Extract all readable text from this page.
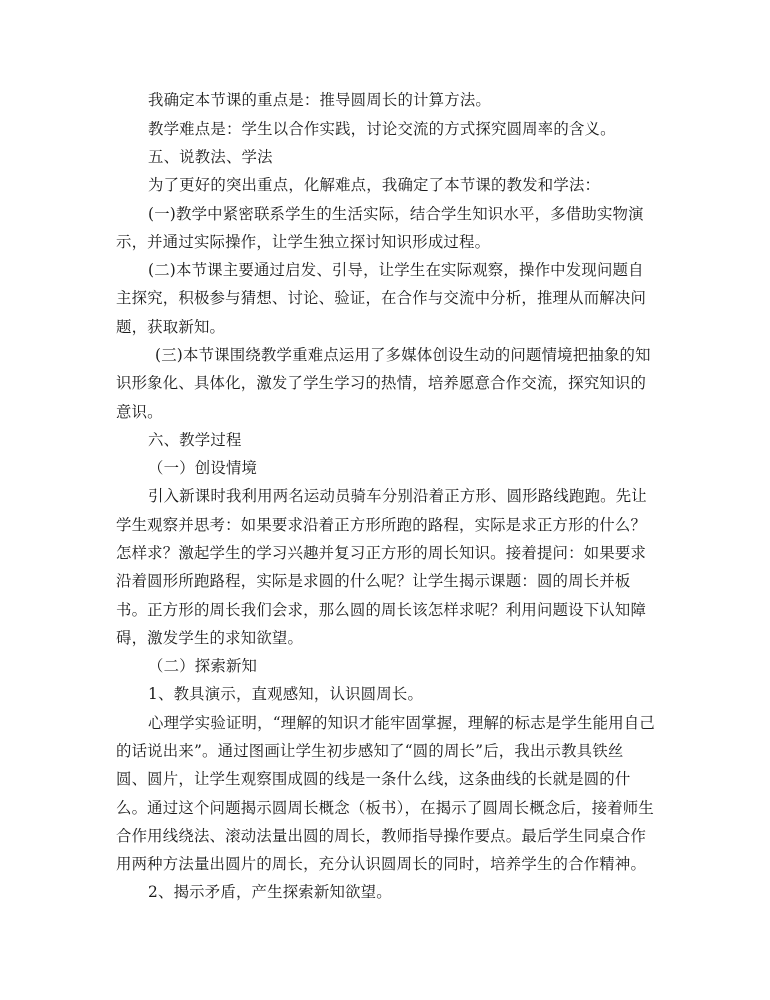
我确定本节课的重点是：推导圆周长的计算方法。
教学难点是：学生以合作实践，讨论交流的方式探究圆周率的含义。
五、说教法、学法
为了更好的突出重点，化解难点，我确定了本节课的教发和学法：
(一)教学中紧密联系学生的生活实际，结合学生知识水平，多借助实物演
示，并通过实际操作，让学生独立探讨知识形成过程。
(二)本节课主要通过启发、引导，让学生在实际观察，操作中发现问题自
主探究，积极参与猜想、讨论、验证，在合作与交流中分析，推理从而解决问
题，获取新知。
(三)本节课围绕教学重难点运用了多媒体创设生动的问题情境把抽象的知
识形象化、具体化，激发了学生学习的热情，培养愿意合作交流，探究知识的
意识。
六、教学过程
（一）创设情境
引入新课时我利用两名运动员骑车分别沿着正方形、圆形路线跑跑。先让
学生观察并思考：如果要求沿着正方形所跑的路程，实际是求正方形的什么？
怎样求？激起学生的学习兴趣并复习正方形的周长知识。接着提问：如果要求
沿着圆形所跑路程，实际是求圆的什么呢？让学生揭示课题：圆的周长并板
书。正方形的周长我们会求，那么圆的周长该怎样求呢？利用问题设下认知障
碍，激发学生的求知欲望。
（二）探索新知
1、教具演示，直观感知，认识圆周长。
心理学实验证明，“理解的知识才能牢固掌握，理解的标志是学生能用自己
的话说出来”。通过图画让学生初步感知了“圆的周长”后，我出示教具铁丝
圆、圆片，让学生观察围成圆的线是一条什么线，这条曲线的长就是圆的什
么。通过这个问题揭示圆周长概念（板书），在揭示了圆周长概念后，接着师生
合作用线绕法、滚动法量出圆的周长，教师指导操作要点。最后学生同桌合作
用两种方法量出圆片的周长，充分认识圆周长的同时，培养学生的合作精神。
2、揭示矛盾，产生探索新知欲望。
